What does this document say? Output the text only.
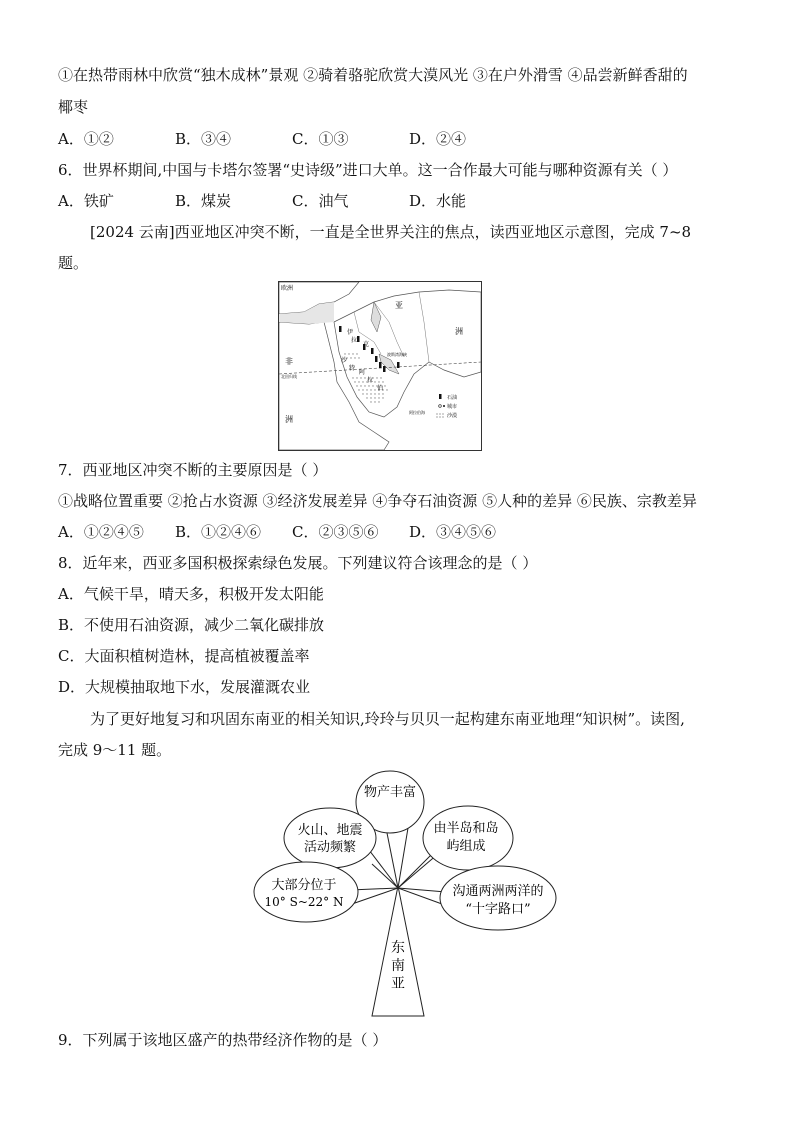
①在热带雨林中欣赏“独木成林”景观 ②骑着骆驼欣赏大漠风光 ③在户外滑雪 ④品尝新鲜香甜的
椰枣
A．①②	B．③④	C．①③	D．②④
6．世界杯期间,中国与卡塔尔签署“史诗级”进口大单。这一合作最大可能与哪种资源有关（ ）
A．铁矿	B．煤炭	C．油气	D．水能
[2024 云南]西亚地区冲突不断，一直是全世界关注的焦点，读西亚地区示意图，完成 7~8
题。
欧洲
亚
洲
非
洲
伊
拉
克
沙
特
阿
拉
伯
波斯湾海峡
阿拉伯海
北回归线
石油
城市
沙漠
7．西亚地区冲突不断的主要原因是（ ）
①战略位置重要 ②抢占水资源 ③经济发展差异 ④争夺石油资源 ⑤人种的差异 ⑥民族、宗教差异
A．①②④⑤	B．①②④⑥	C．②③⑤⑥	D．③④⑤⑥
8．近年来，西亚多国积极探索绿色发展。下列建议符合该理念的是（ ）
A．气候干旱，晴天多，积极开发太阳能
B．不使用石油资源，减少二氧化碳排放
C．大面积植树造林，提高植被覆盖率
D．大规模抽取地下水，发展灌溉农业
为了更好地复习和巩固东南亚的相关知识,玲玲与贝贝一起构建东南亚地理“知识树”。读图,
完成 9～11 题。
东
南
亚
物产丰富
火山、地震
活动频繁
由半岛和岛
屿组成
大部分位于
10° S~22° N
沟通两洲两洋的
“十字路口”
9．下列属于该地区盛产的热带经济作物的是（ ）
